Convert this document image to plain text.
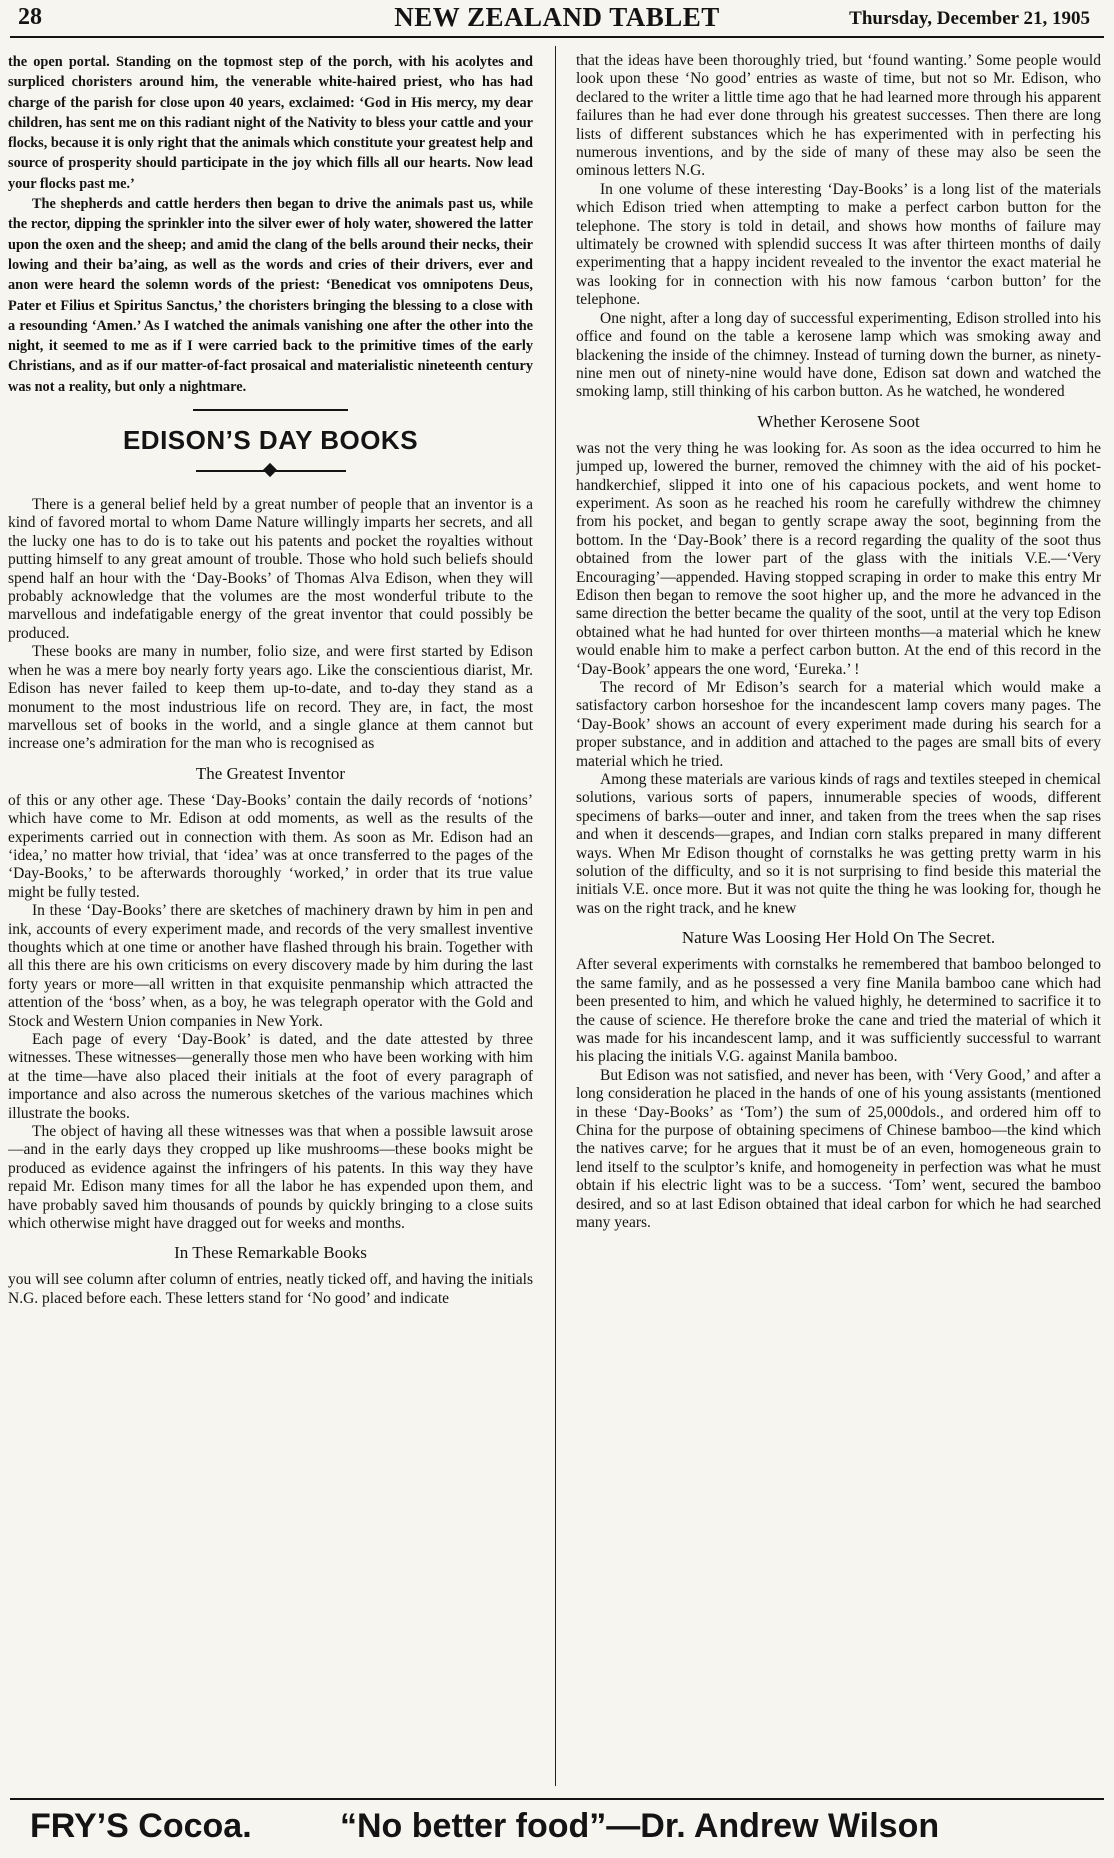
28	NEW ZEALAND TABLET	Thursday, December 21, 1905

the open portal. Standing on the topmost step of the porch, with his acolytes and surpliced choristers around him, the venerable white-haired priest, who has had charge of the parish for close upon 40 years, exclaimed: ‘God in His mercy, my dear children, has sent me on this radiant night of the Nativity to bless your cattle and your flocks, because it is only right that the animals which constitute your greatest help and source of prosperity should participate in the joy which fills all our hearts. Now lead your flocks past me.’

The shepherds and cattle herders then began to drive the animals past us, while the rector, dipping the sprinkler into the silver ewer of holy water, showered the latter upon the oxen and the sheep; and amid the clang of the bells around their necks, their lowing and their ba’aing, as well as the words and cries of their drivers, ever and anon were heard the solemn words of the priest: ‘Benedicat vos omnipotens Deus, Pater et Filius et Spiritus Sanctus,’ the choristers bringing the blessing to a close with a resounding ‘Amen.’ As I watched the animals vanishing one after the other into the night, it seemed to me as if I were carried back to the primitive times of the early Christians, and as if our matter-of-fact prosaical and materialistic nineteenth century was not a reality, but only a nightmare.

EDISON’S DAY BOOKS

There is a general belief held by a great number of people that an inventor is a kind of favored mortal to whom Dame Nature willingly imparts her secrets, and all the lucky one has to do is to take out his patents and pocket the royalties without putting himself to any great amount of trouble. Those who hold such beliefs should spend half an hour with the ‘Day-Books’ of Thomas Alva Edison, when they will probably acknowledge that the volumes are the most wonderful tribute to the marvellous and indefatigable energy of the great inventor that could possibly be produced.

These books are many in number, folio size, and were first started by Edison when he was a mere boy nearly forty years ago. Like the conscientious diarist, Mr. Edison has never failed to keep them up-to-date, and to-day they stand as a monument to the most industrious life on record. They are, in fact, the most marvellous set of books in the world, and a single glance at them cannot but increase one’s admiration for the man who is recognised as

The Greatest Inventor

of this or any other age. These ‘Day-Books’ contain the daily records of ‘notions’ which have come to Mr. Edison at odd moments, as well as the results of the experiments carried out in connection with them. As soon as Mr. Edison had an ‘idea,’ no matter how trivial, that ‘idea’ was at once transferred to the pages of the ‘Day-Books,’ to be afterwards thoroughly ‘worked,’ in order that its true value might be fully tested.

In these ‘Day-Books’ there are sketches of machinery drawn by him in pen and ink, accounts of every experiment made, and records of the very smallest inventive thoughts which at one time or another have flashed through his brain. Together with all this there are his own criticisms on every discovery made by him during the last forty years or more—all written in that exquisite penmanship which attracted the attention of the ‘boss’ when, as a boy, he was telegraph operator with the Gold and Stock and Western Union companies in New York.

Each page of every ‘Day-Book’ is dated, and the date attested by three witnesses. These witnesses—generally those men who have been working with him at the time—have also placed their initials at the foot of every paragraph of importance and also across the numerous sketches of the various machines which illustrate the books.

The object of having all these witnesses was that when a possible lawsuit arose—and in the early days they cropped up like mushrooms—these books might be produced as evidence against the infringers of his patents. In this way they have repaid Mr. Edison many times for all the labor he has expended upon them, and have probably saved him thousands of pounds by quickly bringing to a close suits which otherwise might have dragged out for weeks and months.

In These Remarkable Books

you will see column after column of entries, neatly ticked off, and having the initials N.G. placed before each. These letters stand for ‘No good’ and indicate

that the ideas have been thoroughly tried, but ‘found wanting.’ Some people would look upon these ‘No good’ entries as waste of time, but not so Mr. Edison, who declared to the writer a little time ago that he had learned more through his apparent failures than he had ever done through his greatest successes. Then there are long lists of different substances which he has experimented with in perfecting his numerous inventions, and by the side of many of these may also be seen the ominous letters N.G.

In one volume of these interesting ‘Day-Books’ is a long list of the materials which Edison tried when attempting to make a perfect carbon button for the telephone. The story is told in detail, and shows how months of failure may ultimately be crowned with splendid success It was after thirteen months of daily experimenting that a happy incident revealed to the inventor the exact material he was looking for in connection with his now famous ‘carbon button’ for the telephone.

One night, after a long day of successful experimenting, Edison strolled into his office and found on the table a kerosene lamp which was smoking away and blackening the inside of the chimney. Instead of turning down the burner, as ninety-nine men out of ninety-nine would have done, Edison sat down and watched the smoking lamp, still thinking of his carbon button. As he watched, he wondered

Whether Kerosene Soot

was not the very thing he was looking for. As soon as the idea occurred to him he jumped up, lowered the burner, removed the chimney with the aid of his pocket-handkerchief, slipped it into one of his capacious pockets, and went home to experiment. As soon as he reached his room he carefully withdrew the chimney from his pocket, and began to gently scrape away the soot, beginning from the bottom. In the ‘Day-Book’ there is a record regarding the quality of the soot thus obtained from the lower part of the glass with the initials V.E.—‘Very Encouraging’—appended. Having stopped scraping in order to make this entry Mr Edison then began to remove the soot higher up, and the more he advanced in the same direction the better became the quality of the soot, until at the very top Edison obtained what he had hunted for over thirteen months—a material which he knew would enable him to make a perfect carbon button. At the end of this record in the ‘Day-Book’ appears the one word, ‘Eureka.’ !

The record of Mr Edison’s search for a material which would make a satisfactory carbon horseshoe for the incandescent lamp covers many pages. The ‘Day-Book’ shows an account of every experiment made during his search for a proper substance, and in addition and attached to the pages are small bits of every material which he tried.

Among these materials are various kinds of rags and textiles steeped in chemical solutions, various sorts of papers, innumerable species of woods, different specimens of barks—outer and inner, and taken from the trees when the sap rises and when it descends—grapes, and Indian corn stalks prepared in many different ways. When Mr Edison thought of cornstalks he was getting pretty warm in his solution of the difficulty, and so it is not surprising to find beside this material the initials V.E. once more. But it was not quite the thing he was looking for, though he was on the right track, and he knew

Nature Was Loosing Her Hold On The Secret.

After several experiments with cornstalks he remembered that bamboo belonged to the same family, and as he possessed a very fine Manila bamboo cane which had been presented to him, and which he valued highly, he determined to sacrifice it to the cause of science. He therefore broke the cane and tried the material of which it was made for his incandescent lamp, and it was sufficiently successful to warrant his placing the initials V.G. against Manila bamboo.

But Edison was not satisfied, and never has been, with ‘Very Good,’ and after a long consideration he placed in the hands of one of his young assistants (mentioned in these ‘Day-Books’ as ‘Tom’) the sum of 25,000dols., and ordered him off to China for the purpose of obtaining specimens of Chinese bamboo—the kind which the natives carve; for he argues that it must be of an even, homogeneous grain to lend itself to the sculptor’s knife, and homogeneity in perfection was what he must obtain if his electric light was to be a success. ‘Tom’ went, secured the bamboo desired, and so at last Edison obtained that ideal carbon for which he had searched many years.

FRY’S Cocoa.	“No better food”—Dr. Andrew Wilson
